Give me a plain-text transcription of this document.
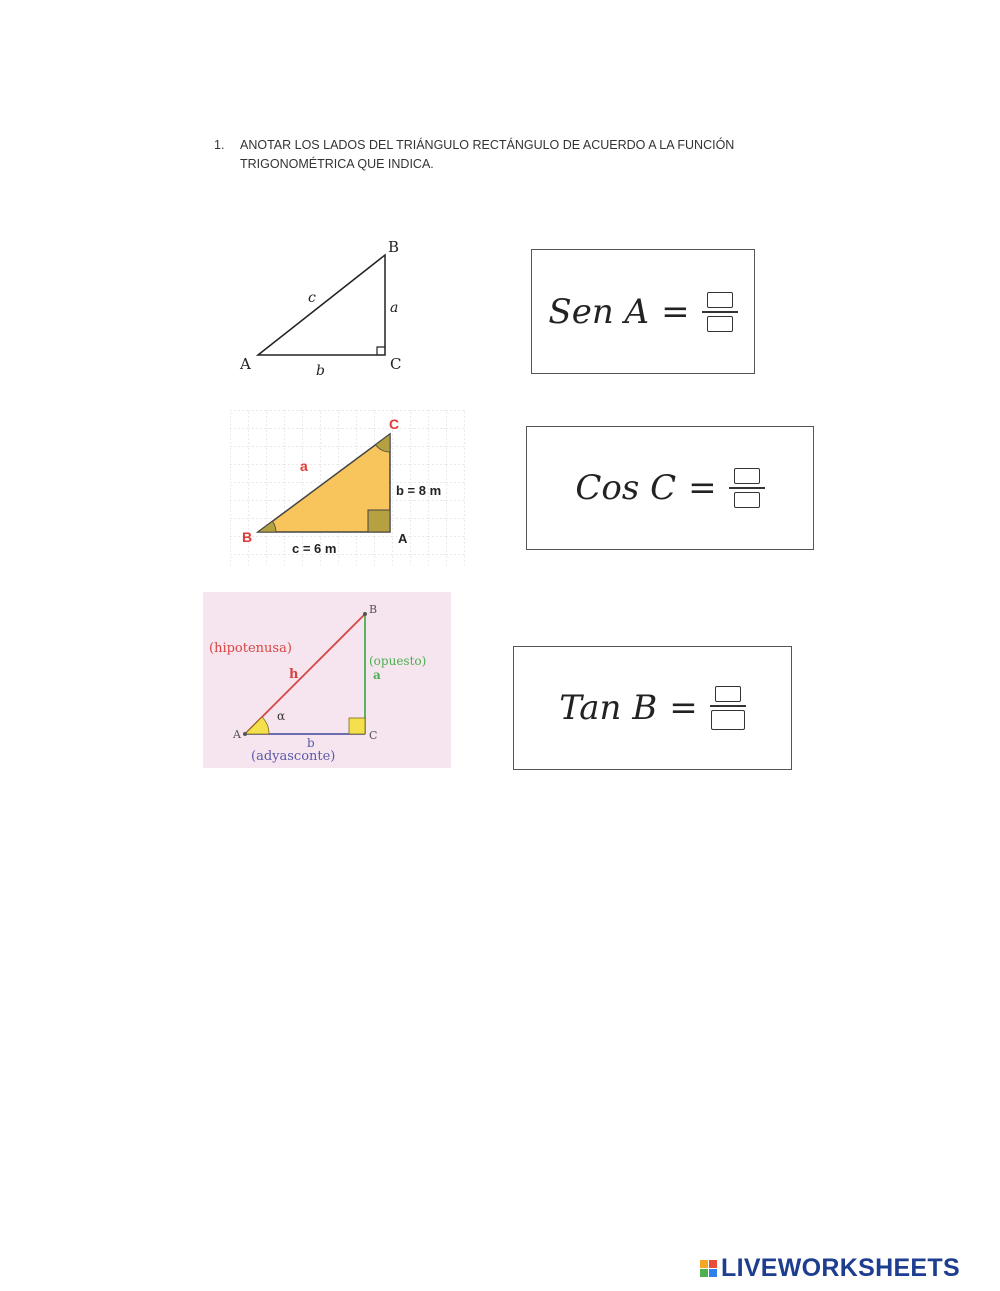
1. ANOTAR LOS LADOS DEL TRIÁNGULO RECTÁNGULO DE ACUERDO A LA FUNCIÓN TRIGONOMÉTRICA QUE INDICA.
A
B
C
c
a
b
B
C
A
a
b = 8 m
c = 6 m
A
B
C
α
(hipotenusa)
h
(opuesto)
a
b
(adyasconte)
Sen
A =
Cos
C =
Tan
B =
LIVEWORKSHEETS
